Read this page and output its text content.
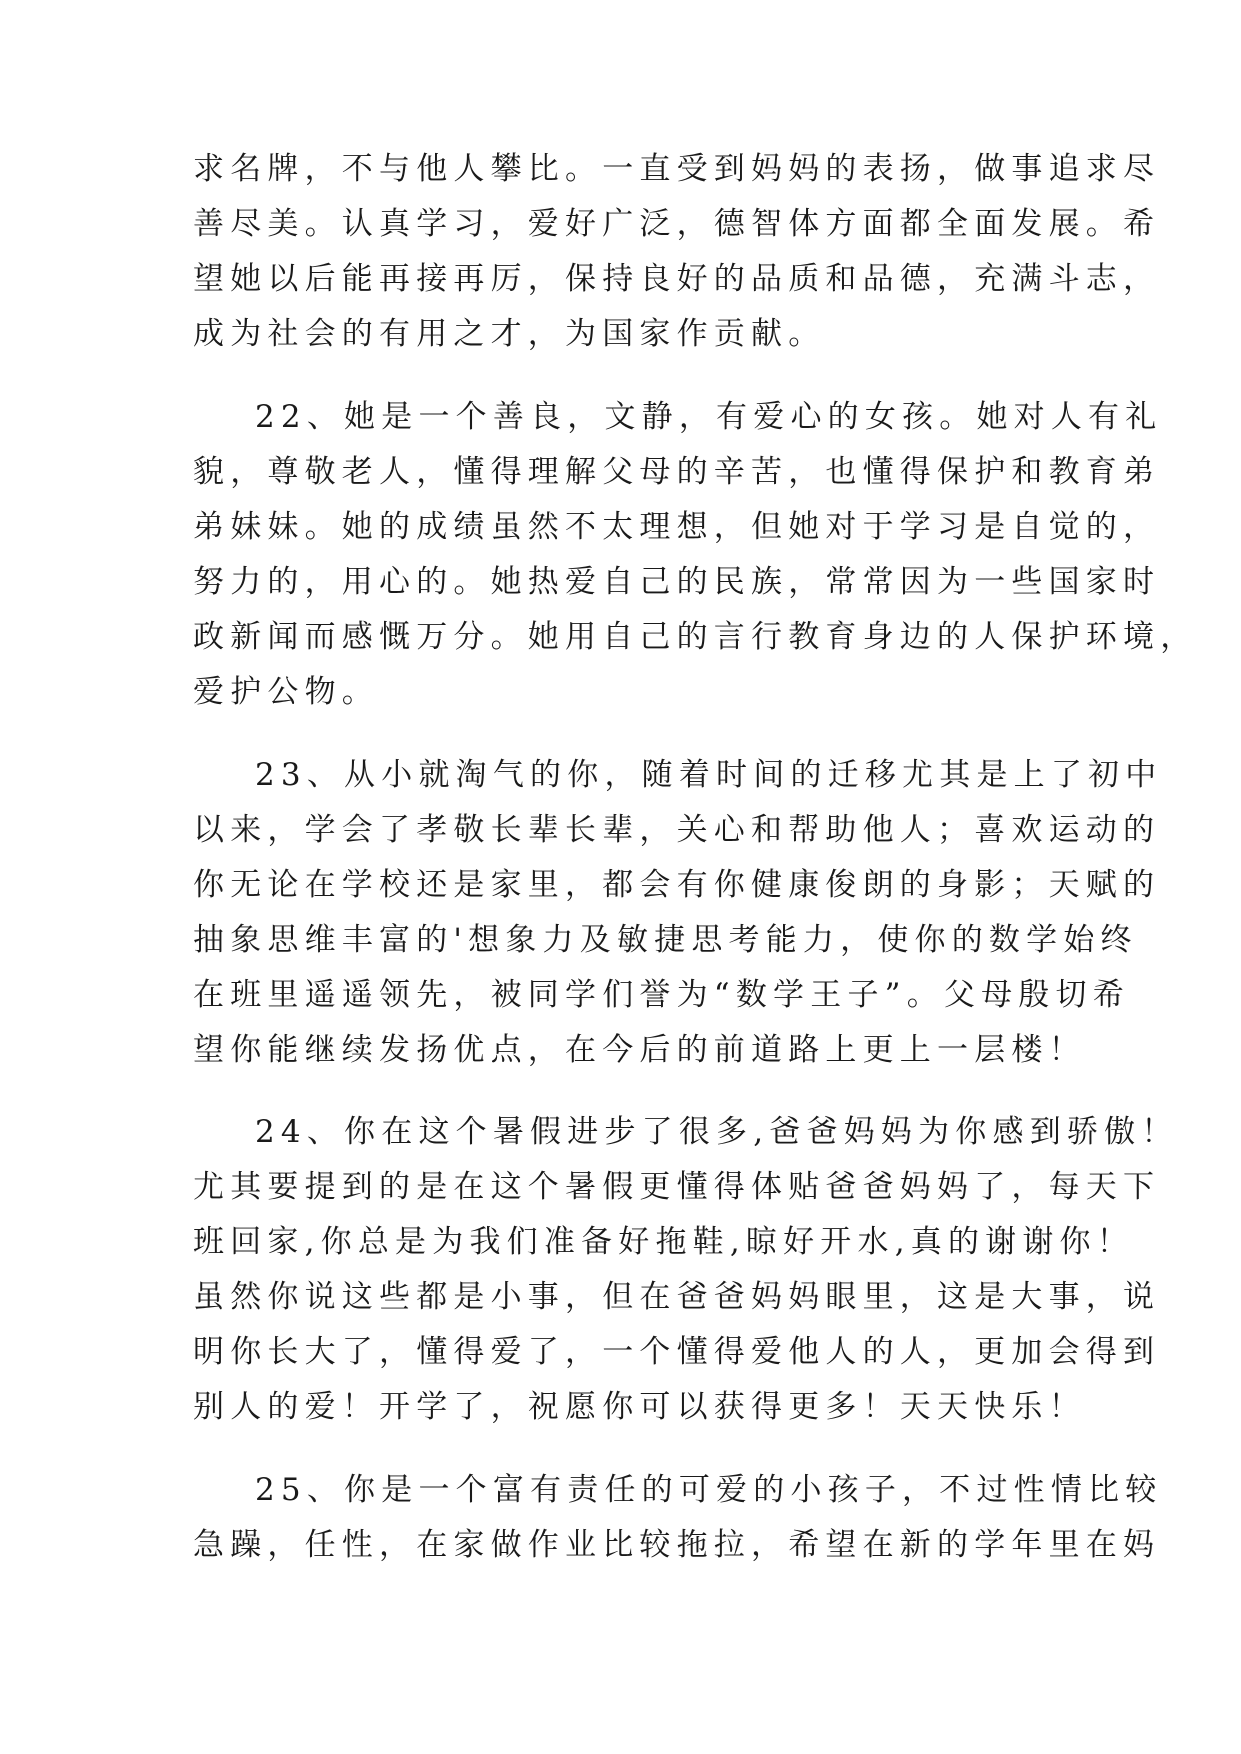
求名牌，不与他人攀比。一直受到妈妈的表扬，做事追求尽

善尽美。认真学习，爱好广泛，德智体方面都全面发展。希

望她以后能再接再厉，保持良好的品质和品德，充满斗志，

成为社会的有用之才，为国家作贡献。

22、她是一个善良，文静，有爱心的女孩。她对人有礼

貌，尊敬老人，懂得理解父母的辛苦，也懂得保护和教育弟

弟妹妹。她的成绩虽然不太理想，但她对于学习是自觉的，

努力的，用心的。她热爱自己的民族，常常因为一些国家时

政新闻而感慨万分。她用自己的言行教育身边的人保护环境，

爱护公物。

23、从小就淘气的你，随着时间的迁移尤其是上了初中

以来，学会了孝敬长辈长辈，关心和帮助他人；喜欢运动的

你无论在学校还是家里，都会有你健康俊朗的身影；天赋的

抽象思维丰富的'想象力及敏捷思考能力，使你的数学始终

在班里遥遥领先，被同学们誉为“数学王子”。父母殷切希

望你能继续发扬优点，在今后的前道路上更上一层楼！

24、你在这个暑假进步了很多,爸爸妈妈为你感到骄傲！

尤其要提到的是在这个暑假更懂得体贴爸爸妈妈了，每天下

班回家,你总是为我们准备好拖鞋,晾好开水,真的谢谢你！

虽然你说这些都是小事，但在爸爸妈妈眼里，这是大事，说

明你长大了，懂得爱了，一个懂得爱他人的人，更加会得到

别人的爱！开学了，祝愿你可以获得更多！天天快乐！

25、你是一个富有责任的可爱的小孩子，不过性情比较

急躁，任性，在家做作业比较拖拉，希望在新的学年里在妈
